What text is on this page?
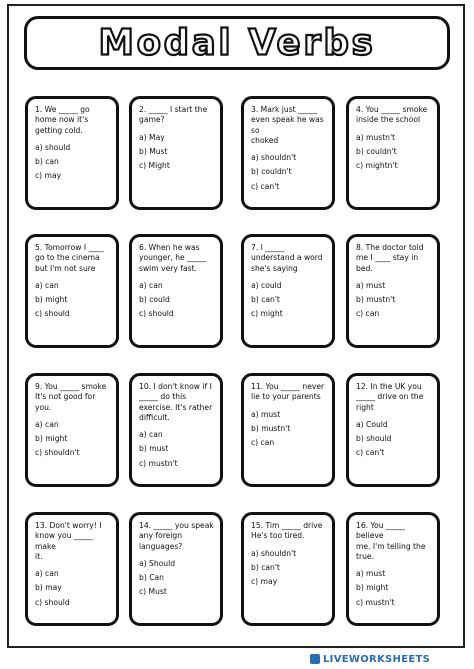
Modal Verbs

1. We _____ go
home now it's
getting cold.

a) should

b) can

c) may

2. _____ I start the
game?

a) May

b) Must

c) Might

3. Mark just _____
even speak he was so
choked

a) shouldn't

b) couldn't

c) can't

4. You _____ smoke
inside the school

a) mustn't

b) couldn't

c) mightn't

5. Tomorrow I ____
go to the cinema
but I'm not sure

a) can

b) might

c) should

6. When he was
younger, he _____
swim very fast.

a) can

b) could

c) should

7. I _____
understand a word
she's saying

a) could

b) can't

c) might

8. The doctor told
me I ____ stay in
bed.

a) must

b) mustn't

c) can

9. You _____ smoke
It's not good for
you.

a) can

b) might

c) shouldn't

10. I don't know if I
_____ do this
exercise. It's rather
difficult.

a) can

b) must

c) mustn't

11. You _____ never
lie to your parents

a) must

b) mustn't

c) can

12. In the UK you
_____ drive on the
right

a) Could

b) should

c) can't

13. Don't worry! I
know you _____ make
it.

a) can

b) may

c) should

14. _____ you speak
any foreign
languages?

a) Should

b) Can

c) Must

15. Tim _____ drive
He's too tired.

a) shouldn't

b) can't

c) may

16. You _____ believe
me. I'm telling the
true.

a) must

b) might

c) mustn't

LIVEWORKSHEETS
